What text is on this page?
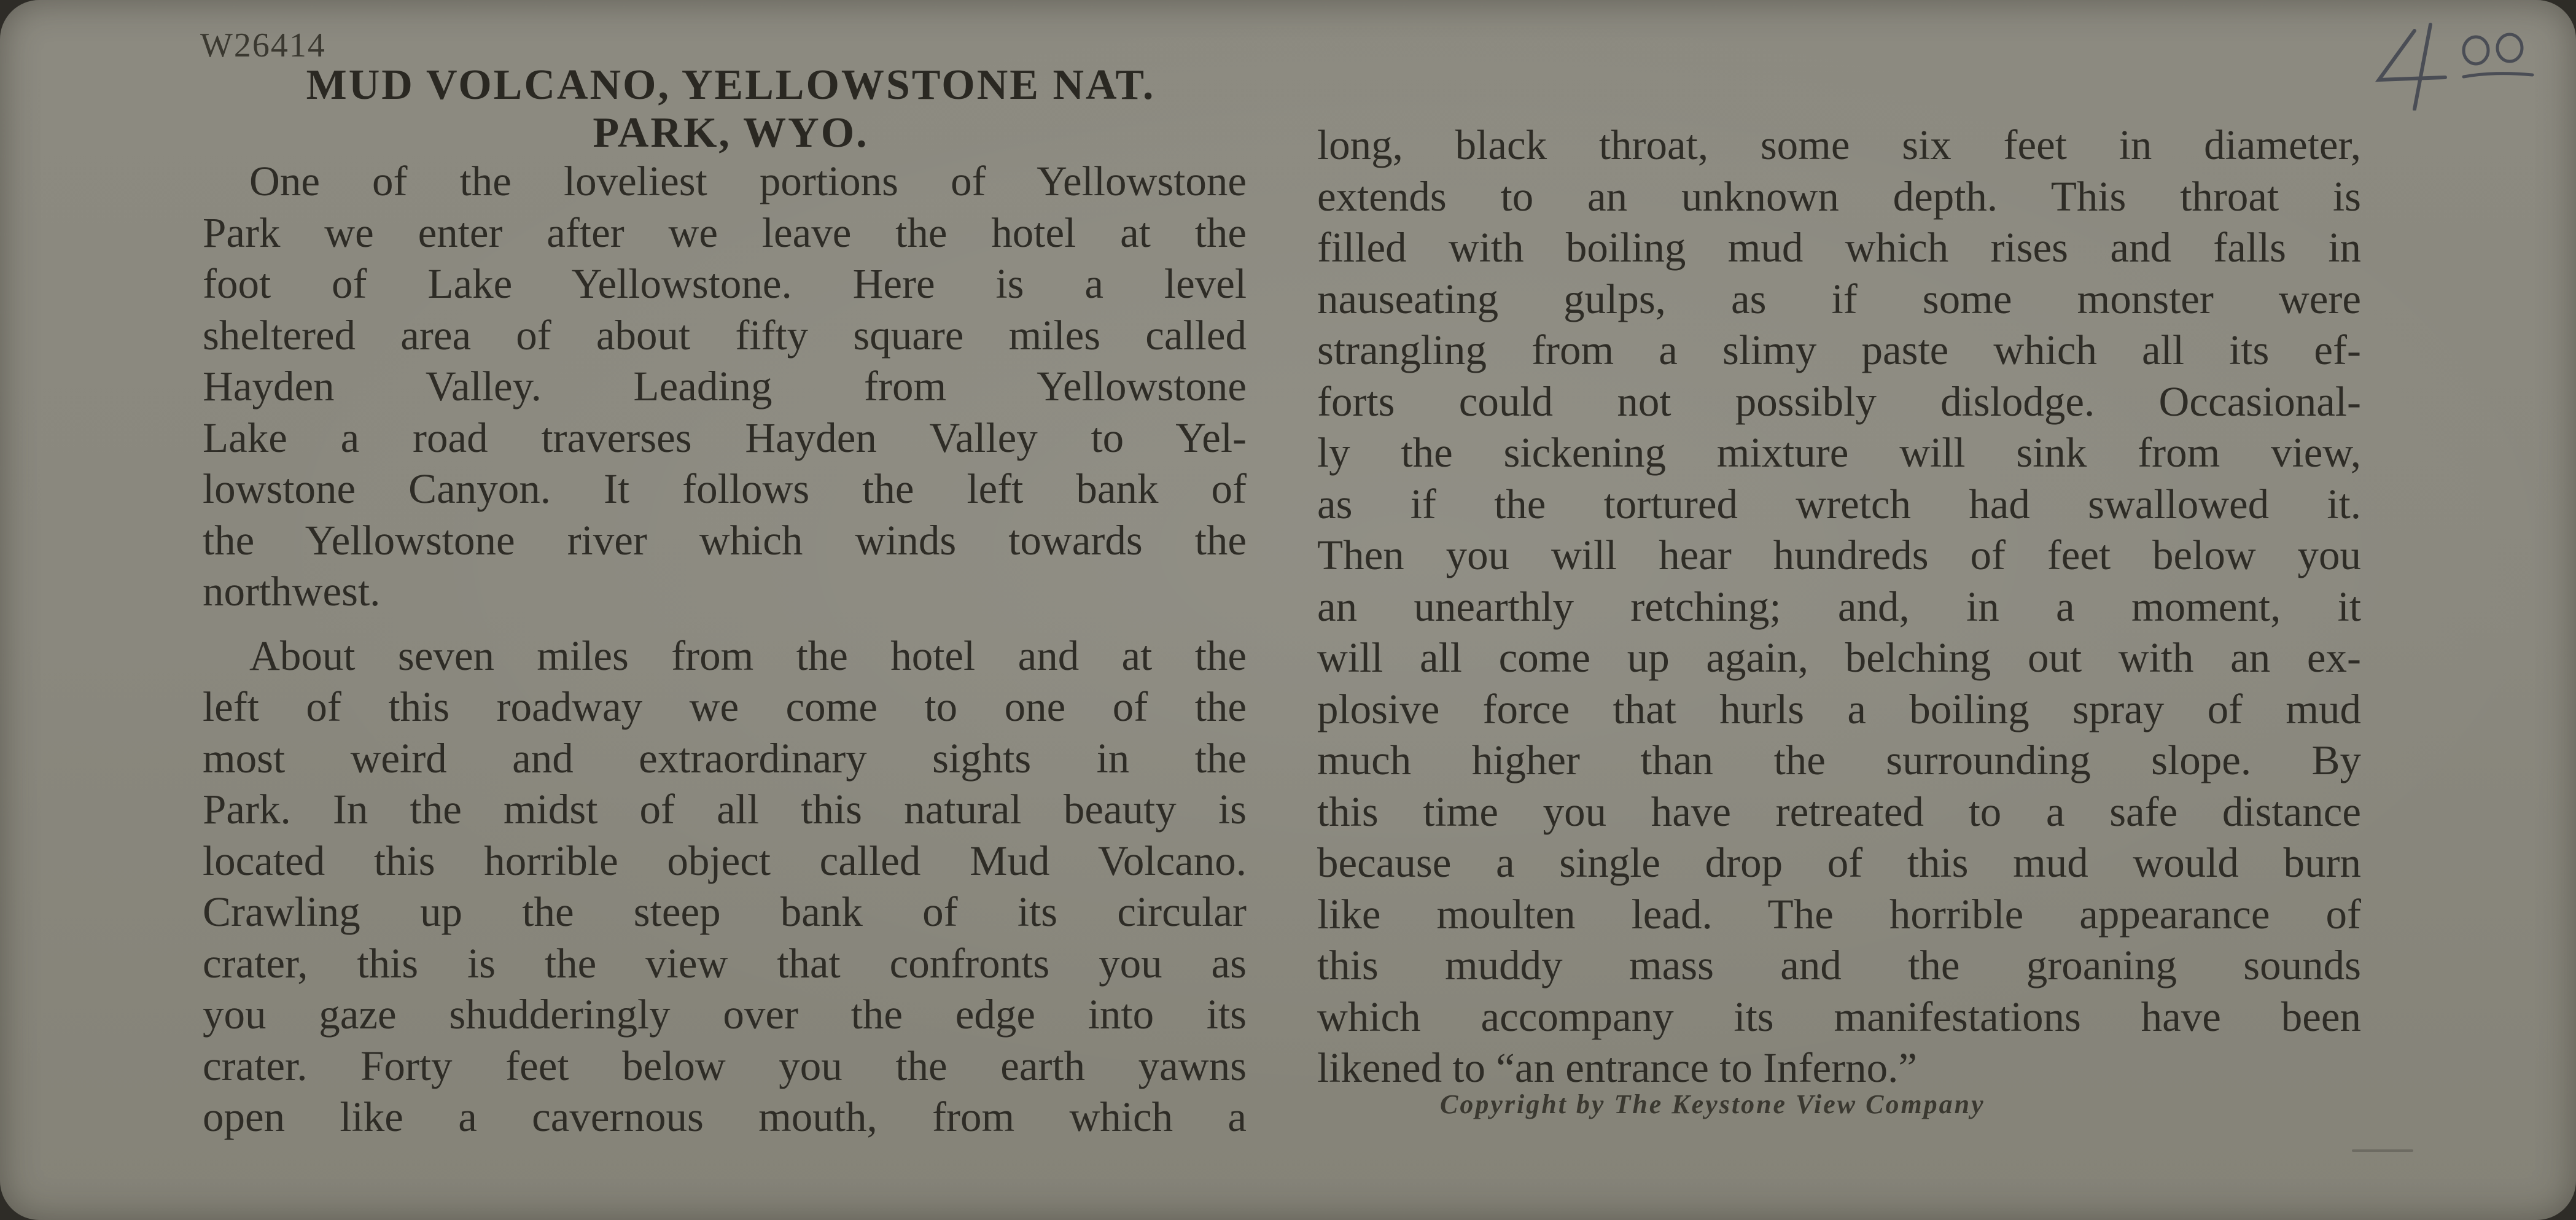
W26414
MUD VOLCANO, YELLOWSTONE NAT.
PARK, WYO.
One of the loveliest portions of Yellowstone
Park we enter after we leave the hotel at the
foot of Lake Yellowstone. Here is a level
sheltered area of about fifty square miles called
Hayden Valley. Leading from Yellowstone
Lake a road traverses Hayden Valley to Yel-
lowstone Canyon. It follows the left bank of
the Yellowstone river which winds towards the
northwest.
About seven miles from the hotel and at the
left of this roadway we come to one of the
most weird and extraordinary sights in the
Park. In the midst of all this natural beauty is
located this horrible object called Mud Volcano.
Crawling up the steep bank of its circular
crater, this is the view that confronts you as
you gaze shudderingly over the edge into its
crater. Forty feet below you the earth yawns
open like a cavernous mouth, from which a
long, black throat, some six feet in diameter,
extends to an unknown depth. This throat is
filled with boiling mud which rises and falls in
nauseating gulps, as if some monster were
strangling from a slimy paste which all its ef-
forts could not possibly dislodge. Occasional-
ly the sickening mixture will sink from view,
as if the tortured wretch had swallowed it.
Then you will hear hundreds of feet below you
an unearthly retching; and, in a moment, it
will all come up again, belching out with an ex-
plosive force that hurls a boiling spray of mud
much higher than the surrounding slope. By
this time you have retreated to a safe distance
because a single drop of this mud would burn
like moulten lead. The horrible appearance of
this muddy mass and the groaning sounds
which accompany its manifestations have been
likened to “an entrance to Inferno.”
Copyright by The Keystone View Company
